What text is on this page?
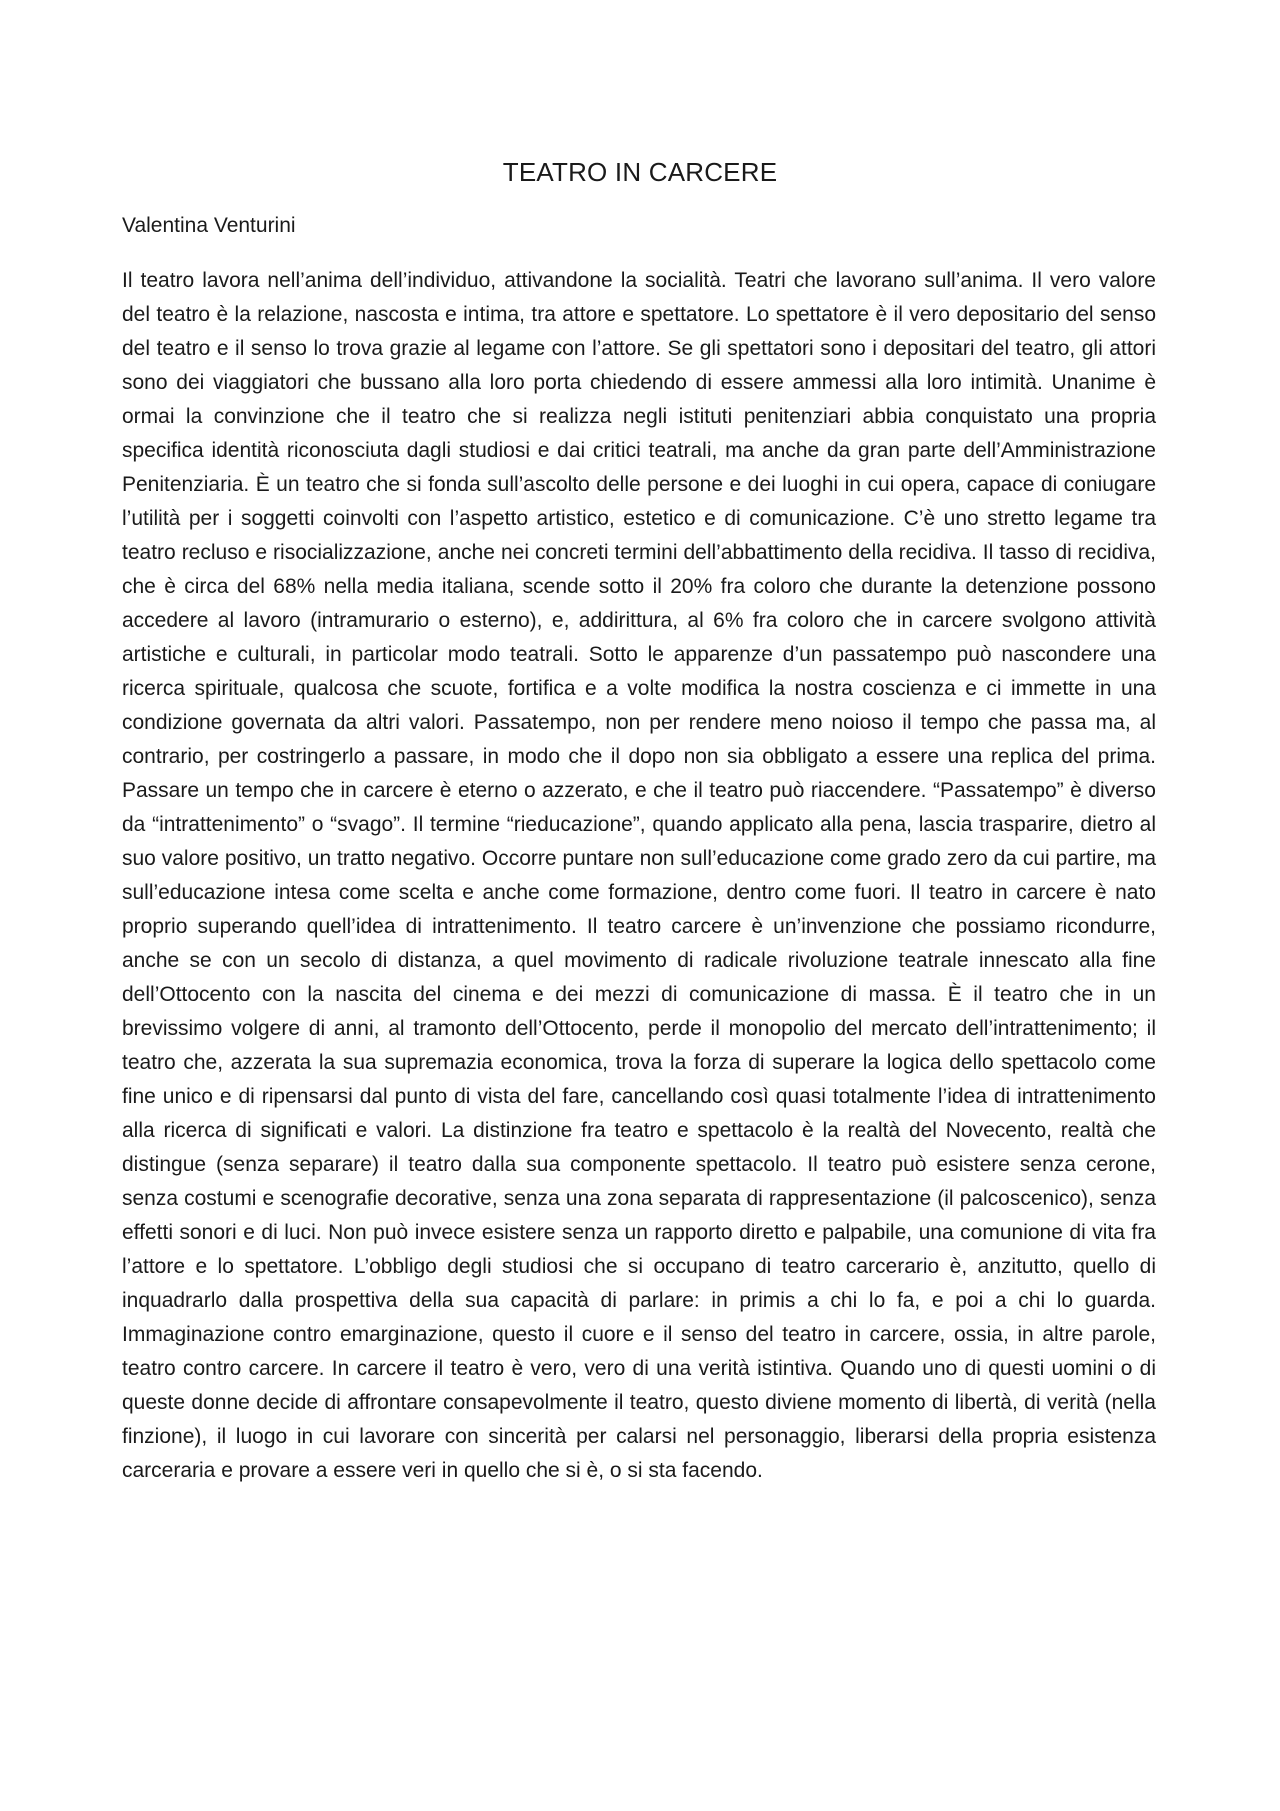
TEATRO IN CARCERE
Valentina Venturini
Il teatro lavora nell’anima dell’individuo, attivandone la socialità. Teatri che lavorano sull’anima. Il vero valore del teatro è la relazione, nascosta e intima, tra attore e spettatore. Lo spettatore è il vero depositario del senso del teatro e il senso lo trova grazie al legame con l’attore. Se gli spettatori sono i depositari del teatro, gli attori sono dei viaggiatori che bussano alla loro porta chiedendo di essere ammessi alla loro intimità. Unanime è ormai la convinzione che il teatro che si realizza negli istituti penitenziari abbia conquistato una propria specifica identità riconosciuta dagli studiosi e dai critici teatrali, ma anche da gran parte dell’Amministrazione Penitenziaria. È un teatro che si fonda sull’ascolto delle persone e dei luoghi in cui opera, capace di coniugare l’utilità per i soggetti coinvolti con l’aspetto artistico, estetico e di comunicazione. C’è uno stretto legame tra teatro recluso e risocializzazione, anche nei concreti termini dell’abbattimento della recidiva. Il tasso di recidiva, che è circa del 68% nella media italiana, scende sotto il 20% fra coloro che durante la detenzione possono accedere al lavoro (intramurario o esterno), e, addirittura, al 6% fra coloro che in carcere svolgono attività artistiche e culturali, in particolar modo teatrali. Sotto le apparenze d’un passatempo può nascondere una ricerca spirituale, qualcosa che scuote, fortifica e a volte modifica la nostra coscienza e ci immette in una condizione governata da altri valori. Passatempo, non per rendere meno noioso il tempo che passa ma, al contrario, per costringerlo a passare, in modo che il dopo non sia obbligato a essere una replica del prima. Passare un tempo che in carcere è eterno o azzerato, e che il teatro può riaccendere. “Passatempo” è diverso da “intrattenimento” o “svago”. Il termine “rieducazione”, quando applicato alla pena, lascia trasparire, dietro al suo valore positivo, un tratto negativo. Occorre puntare non sull’educazione come grado zero da cui partire, ma sull’educazione intesa come scelta e anche come formazione, dentro come fuori. Il teatro in carcere è nato proprio superando quell’idea di intrattenimento. Il teatro carcere è un’invenzione che possiamo ricondurre, anche se con un secolo di distanza, a quel movimento di radicale rivoluzione teatrale innescato alla fine dell’Ottocento con la nascita del cinema e dei mezzi di comunicazione di massa. È il teatro che in un brevissimo volgere di anni, al tramonto dell’Ottocento, perde il monopolio del mercato dell’intrattenimento; il teatro che, azzerata la sua supremazia economica, trova la forza di superare la logica dello spettacolo come fine unico e di ripensarsi dal punto di vista del fare, cancellando così quasi totalmente l’idea di intrattenimento alla ricerca di significati e valori. La distinzione fra teatro e spettacolo è la realtà del Novecento, realtà che distingue (senza separare) il teatro dalla sua componente spettacolo. Il teatro può esistere senza cerone, senza costumi e scenografie decorative, senza una zona separata di rappresentazione (il palcoscenico), senza effetti sonori e di luci. Non può invece esistere senza un rapporto diretto e palpabile, una comunione di vita fra l’attore e lo spettatore. L’obbligo degli studiosi che si occupano di teatro carcerario è, anzitutto, quello di inquadrarlo dalla prospettiva della sua capacità di parlare: in primis a chi lo fa, e poi a chi lo guarda. Immaginazione contro emarginazione, questo il cuore e il senso del teatro in carcere, ossia, in altre parole, teatro contro carcere. In carcere il teatro è vero, vero di una verità istintiva. Quando uno di questi uomini o di queste donne decide di affrontare consapevolmente il teatro, questo diviene momento di libertà, di verità (nella finzione), il luogo in cui lavorare con sincerità per calarsi nel personaggio, liberarsi della propria esistenza carceraria e provare a essere veri in quello che si è, o si sta facendo.
